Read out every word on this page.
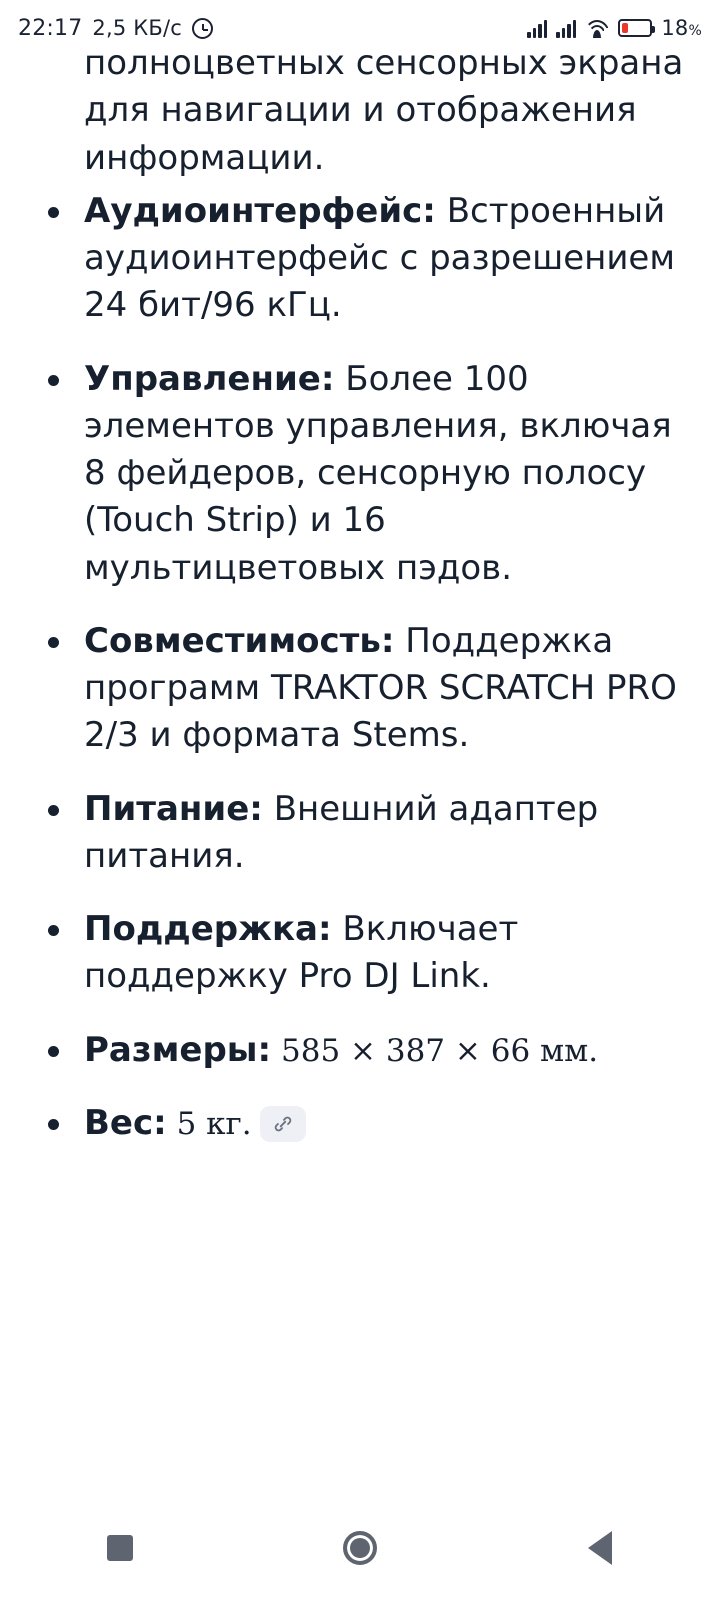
22:17 2,5 КБ/с	18%

полноцветных сенсорных экрана для навигации и отображения информации.

Аудиоинтерфейс: Встроенный аудиоинтерфейс с разрешением 24 бит/96 кГц.
Управление: Более 100 элементов управления, включая 8 фейдеров, сенсорную полосу (Touch Strip) и 16 мультицветовых пэдов.
Совместимость: Поддержка программ TRAKTOR SCRATCH PRO 2/3 и формата Stems.
Питание: Внешний адаптер питания.
Поддержка: Включает поддержку Pro DJ Link.
Размеры: 585 × 387 × 66 мм.
Вес: 5 кг.
